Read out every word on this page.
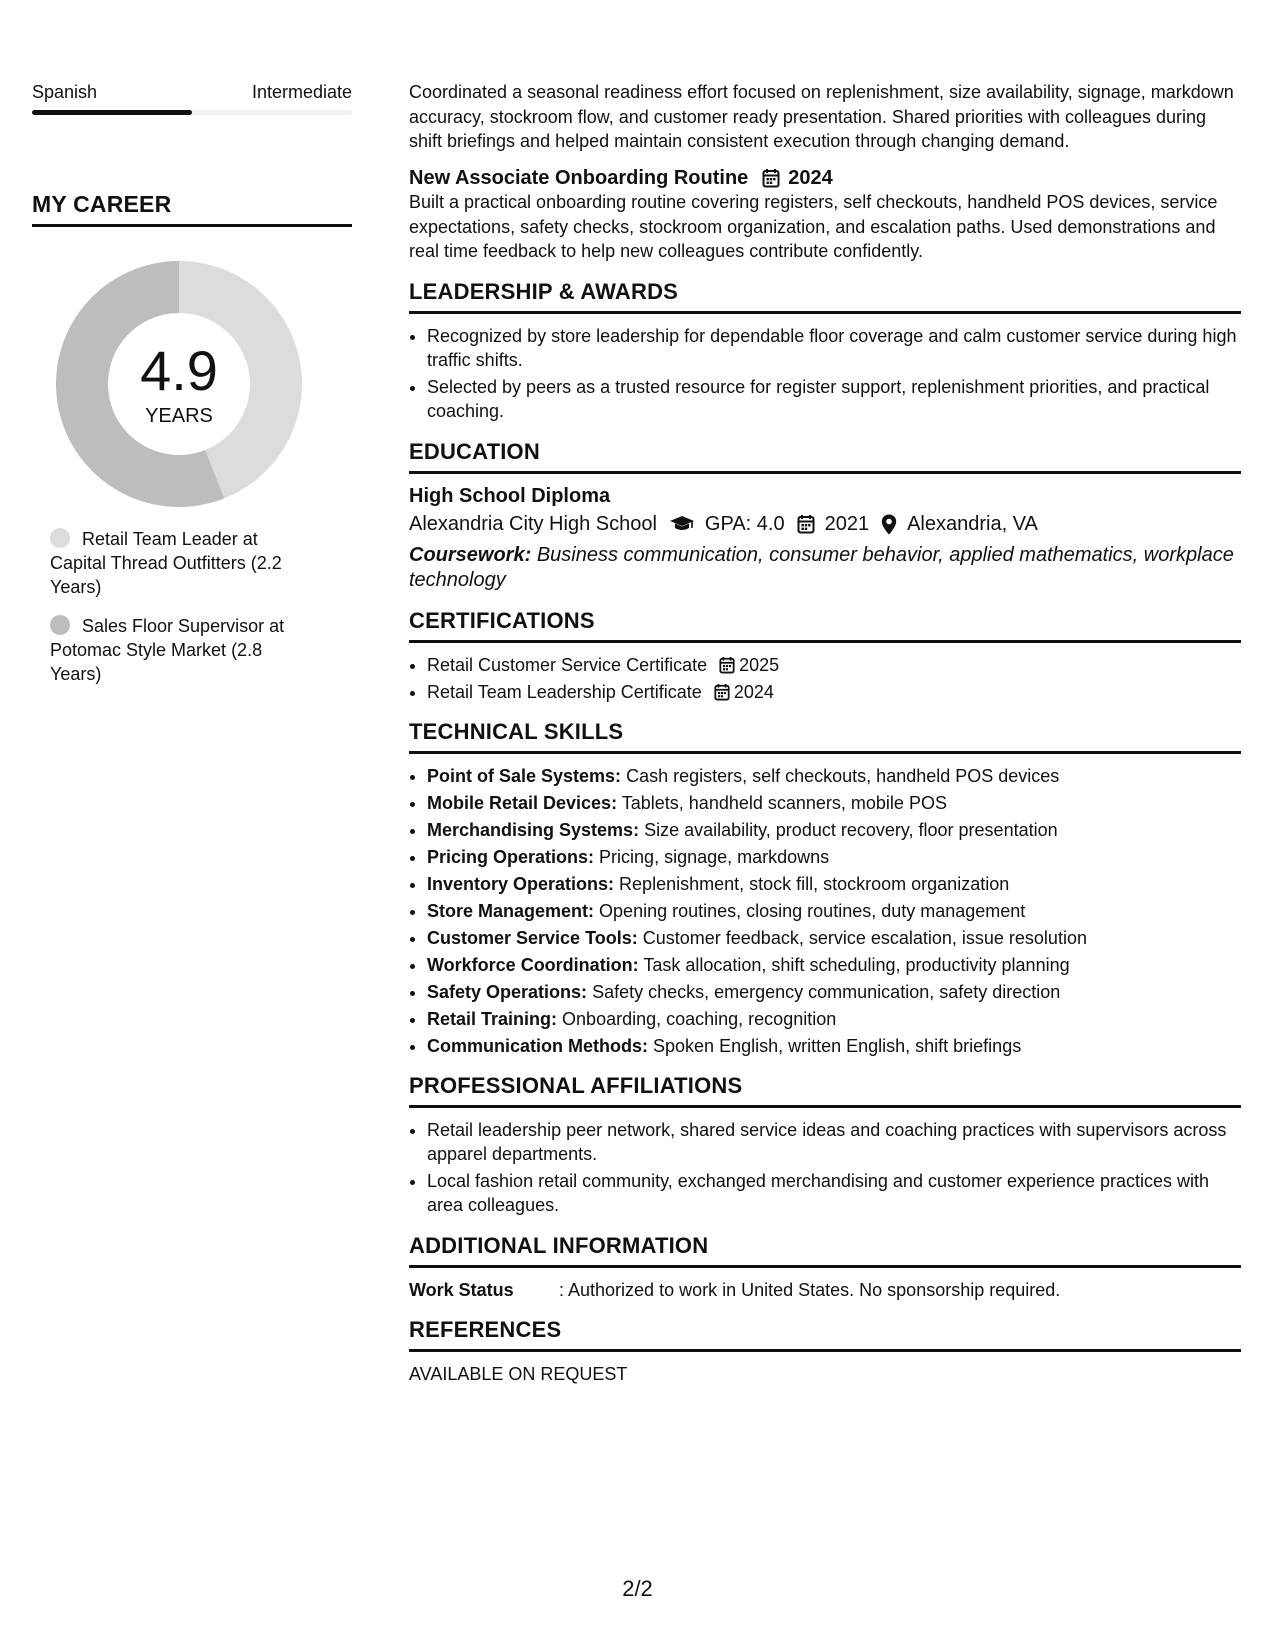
Spanish	Intermediate
MY CAREER
4.9
YEARS
Retail Team Leader at Capital Thread Outfitters (2.2 Years)
Sales Floor Supervisor at Potomac Style Market (2.8 Years)

Coordinated a seasonal readiness effort focused on replenishment, size availability, signage, markdown accuracy, stockroom flow, and customer ready presentation. Shared priorities with colleagues during shift briefings and helped maintain consistent execution through changing demand.

New Associate Onboarding Routine 2024

Built a practical onboarding routine covering registers, self checkouts, handheld POS devices, service expectations, safety checks, stockroom organization, and escalation paths. Used demonstrations and real time feedback to help new colleagues contribute confidently.

LEADERSHIP & AWARDS
• Recognized by store leadership for dependable floor coverage and calm customer service during high traffic shifts.
• Selected by peers as a trusted resource for register support, replenishment priorities, and practical coaching.
EDUCATION
High School Diploma
Alexandria City High School GPA: 4.0 2021 Alexandria, VA
Coursework: Business communication, consumer behavior, applied mathematics, workplace technology
CERTIFICATIONS
• Retail Customer Service Certificate 2025
• Retail Team Leadership Certificate 2024
TECHNICAL SKILLS
• Point of Sale Systems: Cash registers, self checkouts, handheld POS devices
• Mobile Retail Devices: Tablets, handheld scanners, mobile POS
• Merchandising Systems: Size availability, product recovery, floor presentation
• Pricing Operations: Pricing, signage, markdowns
• Inventory Operations: Replenishment, stock fill, stockroom organization
• Store Management: Opening routines, closing routines, duty management
• Customer Service Tools: Customer feedback, service escalation, issue resolution
• Workforce Coordination: Task allocation, shift scheduling, productivity planning
• Safety Operations: Safety checks, emergency communication, safety direction
• Retail Training: Onboarding, coaching, recognition
• Communication Methods: Spoken English, written English, shift briefings
PROFESSIONAL AFFILIATIONS
• Retail leadership peer network, shared service ideas and coaching practices with supervisors across apparel departments.
• Local fashion retail community, exchanged merchandising and customer experience practices with area colleagues.
ADDITIONAL INFORMATION
Work Status	: Authorized to work in United States. No sponsorship required.
REFERENCES
AVAILABLE ON REQUEST
2/2
